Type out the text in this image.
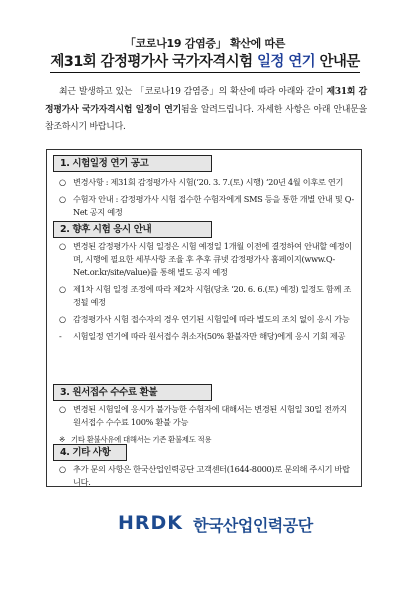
「코로나19 감염증」 확산에 따른
제31회 감정평가사 국가자격시험 일정 연기 안내문
최근 발생하고 있는 「코로나19 감염증」의 확산에 따라 아래와 같이 제31회 감정평가사 국가자격시험 일정이 연기됨을 알려드립니다. 자세한 사항은 아래 안내문을 참조하시기 바랍니다.
1. 시험일정 연기 공고
○ 변경사항 : 제31회 감정평가사 시험(‘20. 3. 7.(토) 시행) ‘20년 4월 이후로 연기
○ 수험자 안내 : 감정평가사 시험 접수한 수험자에게 SMS 등을 통한 개별 안내 및 Q-Net 공지 예정
2. 향후 시험 응시 안내
○ 변경된 감정평가사 시험 일정은 시험 예정일 1개월 이전에 결정하여 안내할 예정이며, 시행에 필요한 세부사항 조율 후 추후 큐넷 감정평가사 홈페이지(www.Q-Net.or.kr/site/value)를 통해 별도 공지 예정
○ 제1차 시험 일정 조정에 따라 제2차 시험(당초 ‘20. 6. 6.(토) 예정) 일정도 함께 조정될 예정
○ 감정평가사 시험 접수자의 경우 연기된 시험일에 따라 별도의 조치 없이 응시 가능
-	시험일정 연기에 따라 원서접수 취소자(50% 환불자만 해당)에게 응시 기회 제공
3. 원서접수 수수료 환불
○ 변경된 시험일에 응시가 불가능한 수험자에 대해서는 변경된 시험일 30일 전까지 원서접수 수수료 100% 환불 가능
※ 기타 환불사유에 대해서는 기존 환불제도 적용
4. 기타 사항
○ 추가 문의 사항은 한국산업인력공단 고객센터(1644-8000)로 문의해 주시기 바랍니다.
HRDK 한국산업인력공단
